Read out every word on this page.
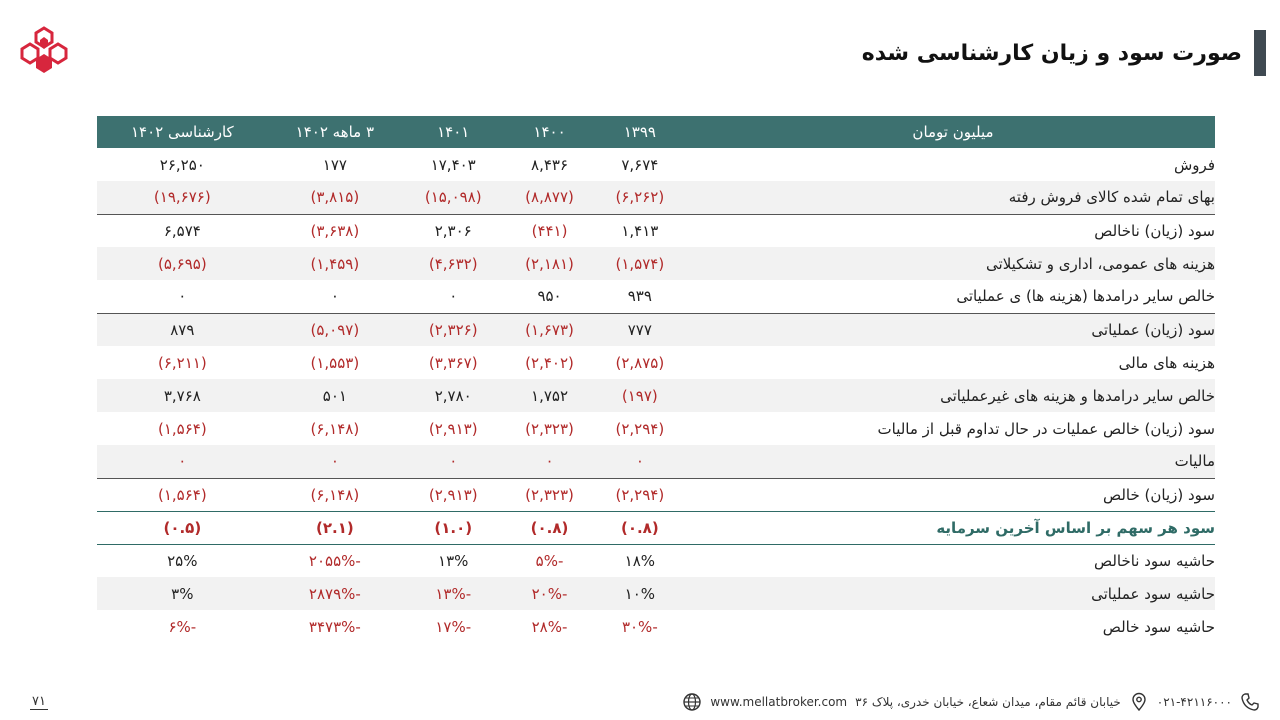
صورت سود و زیان کارشناسی شده
میلیون تومان	۱۳۹۹	۱۴۰۰	۱۴۰۱	۳ ماهه ۱۴۰۲	کارشناسی ۱۴۰۲
فروش	۷,۶۷۴	۸,۴۳۶	۱۷,۴۰۳	۱۷۷	۲۶,۲۵۰
بهای تمام شده کالای فروش رفته	(۶,۲۶۲)	(۸,۸۷۷)	(۱۵,۰۹۸)	(۳,۸۱۵)	(۱۹,۶۷۶)
سود (زیان) ناخالص	۱,۴۱۳	(۴۴۱)	۲,۳۰۶	(۳,۶۳۸)	۶,۵۷۴
هزینه های عمومی، اداری و تشکیلاتی	(۱,۵۷۴)	(۲,۱۸۱)	(۴,۶۳۲)	(۱,۴۵۹)	(۵,۶۹۵)
خالص سایر درامدها (هزینه ها) ی عملیاتی	۹۳۹	۹۵۰	۰	۰	۰
سود (زیان) عملیاتی	۷۷۷	(۱,۶۷۳)	(۲,۳۲۶)	(۵,۰۹۷)	۸۷۹
هزینه های مالی	(۲,۸۷۵)	(۲,۴۰۲)	(۳,۳۶۷)	(۱,۵۵۳)	(۶,۲۱۱)
خالص سایر درامدها و هزینه های غیرعملیاتی	(۱۹۷)	۱,۷۵۲	۲,۷۸۰	۵۰۱	۳,۷۶۸
سود (زیان) خالص عملیات در حال تداوم قبل از مالیات	(۲,۲۹۴)	(۲,۳۲۳)	(۲,۹۱۳)	(۶,۱۴۸)	(۱,۵۶۴)
مالیات	۰	۰	۰	۰	۰
سود (زیان) خالص	(۲,۲۹۴)	(۲,۳۲۳)	(۲,۹۱۳)	(۶,۱۴۸)	(۱,۵۶۴)
سود هر سهم بر اساس آخرین سرمایه	(۰.۸)	(۰.۸)	(۱.۰)	(۲.۱)	(۰.۵)
حاشیه سود ناخالص	۱۸%	-۵%	۱۳%	-۲۰۵۵%	۲۵%
حاشیه سود عملیاتی	۱۰%	-۲۰%	-۱۳%	-۲۸۷۹%	۳%
حاشیه سود خالص	-۳۰%	-۲۸%	-۱۷%	-۳۴۷۳%	-۶%
۷۱	۰۲۱-۴۲۱۱۶۰۰۰
خیابان قائم مقام، میدان شعاع، خیابان خدری، پلاک ۳۶
www.mellatbroker.com
